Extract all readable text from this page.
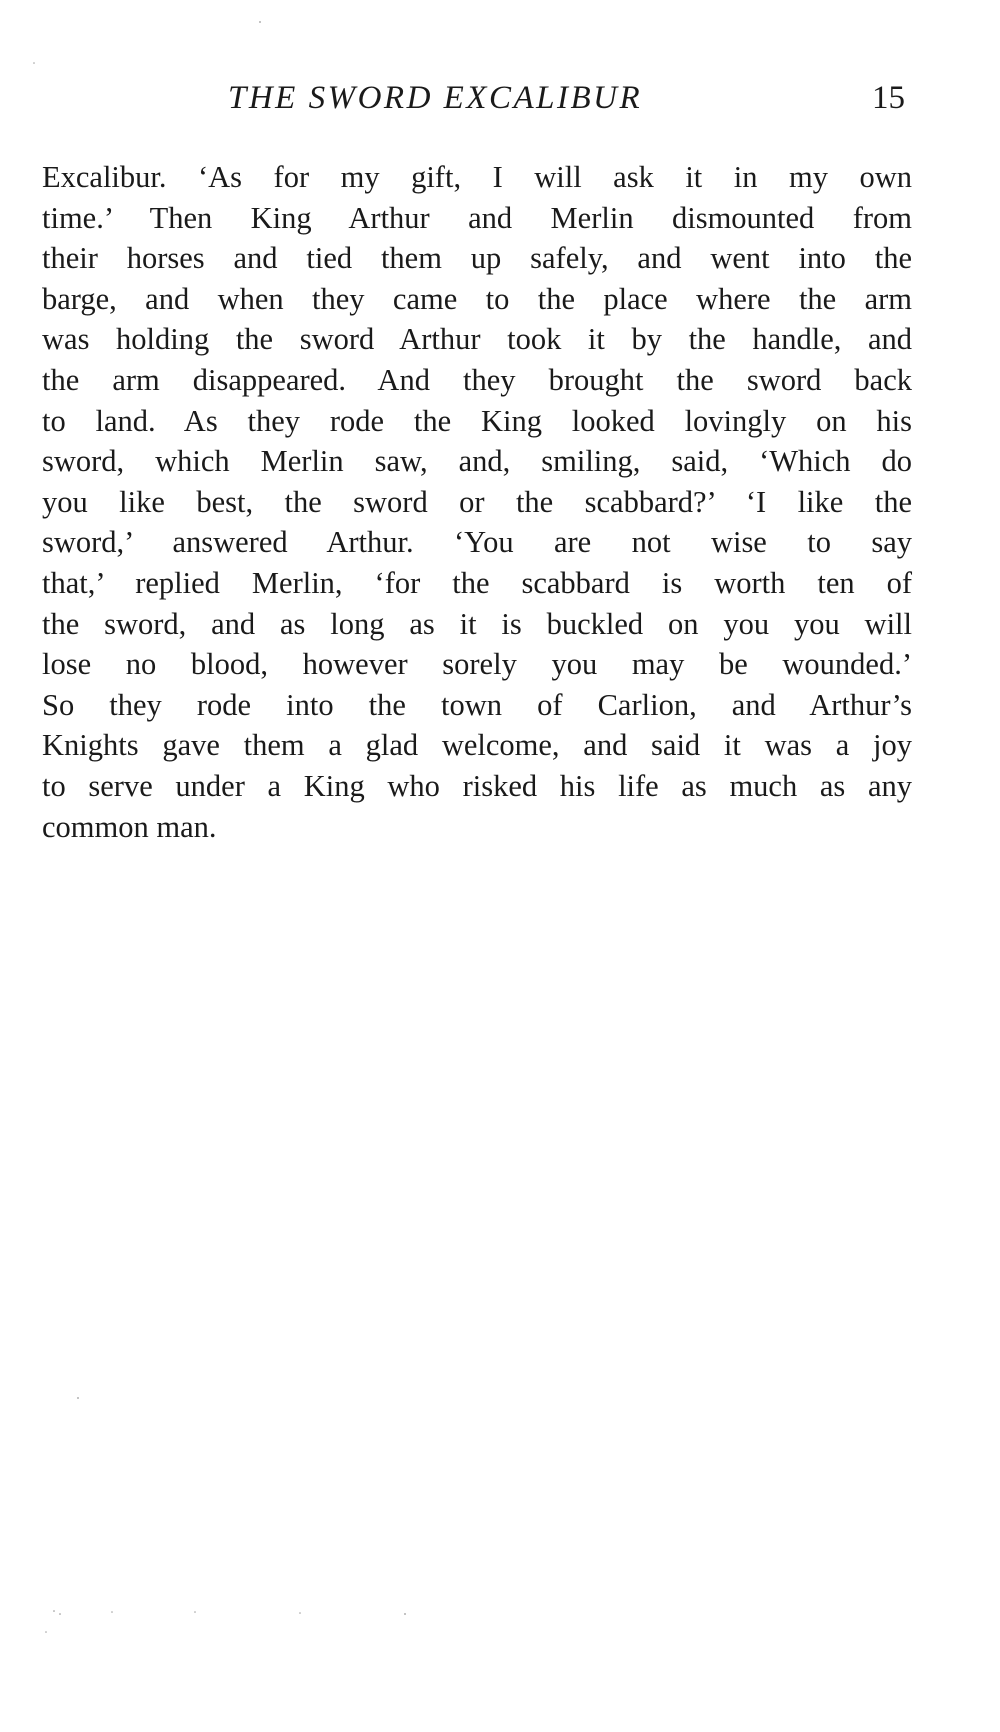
THE SWORD EXCALIBUR	15
Excalibur. ‘As for my gift, I will ask it in my own
time.’ Then King Arthur and Merlin dismounted from
their horses and tied them up safely, and went into the
barge, and when they came to the place where the arm
was holding the sword Arthur took it by the handle, and
the arm disappeared. And they brought the sword back
to land. As they rode the King looked lovingly on his
sword, which Merlin saw, and, smiling, said, ‘Which do
you like best, the sword or the scabbard?’ ‘I like the
sword,’ answered Arthur. ‘You are not wise to say
that,’ replied Merlin, ‘for the scabbard is worth ten of
the sword, and as long as it is buckled on you you will
lose no blood, however sorely you may be wounded.’
So they rode into the town of Carlion, and Arthur’s
Knights gave them a glad welcome, and said it was a joy
to serve under a King who risked his life as much as any
common man.
